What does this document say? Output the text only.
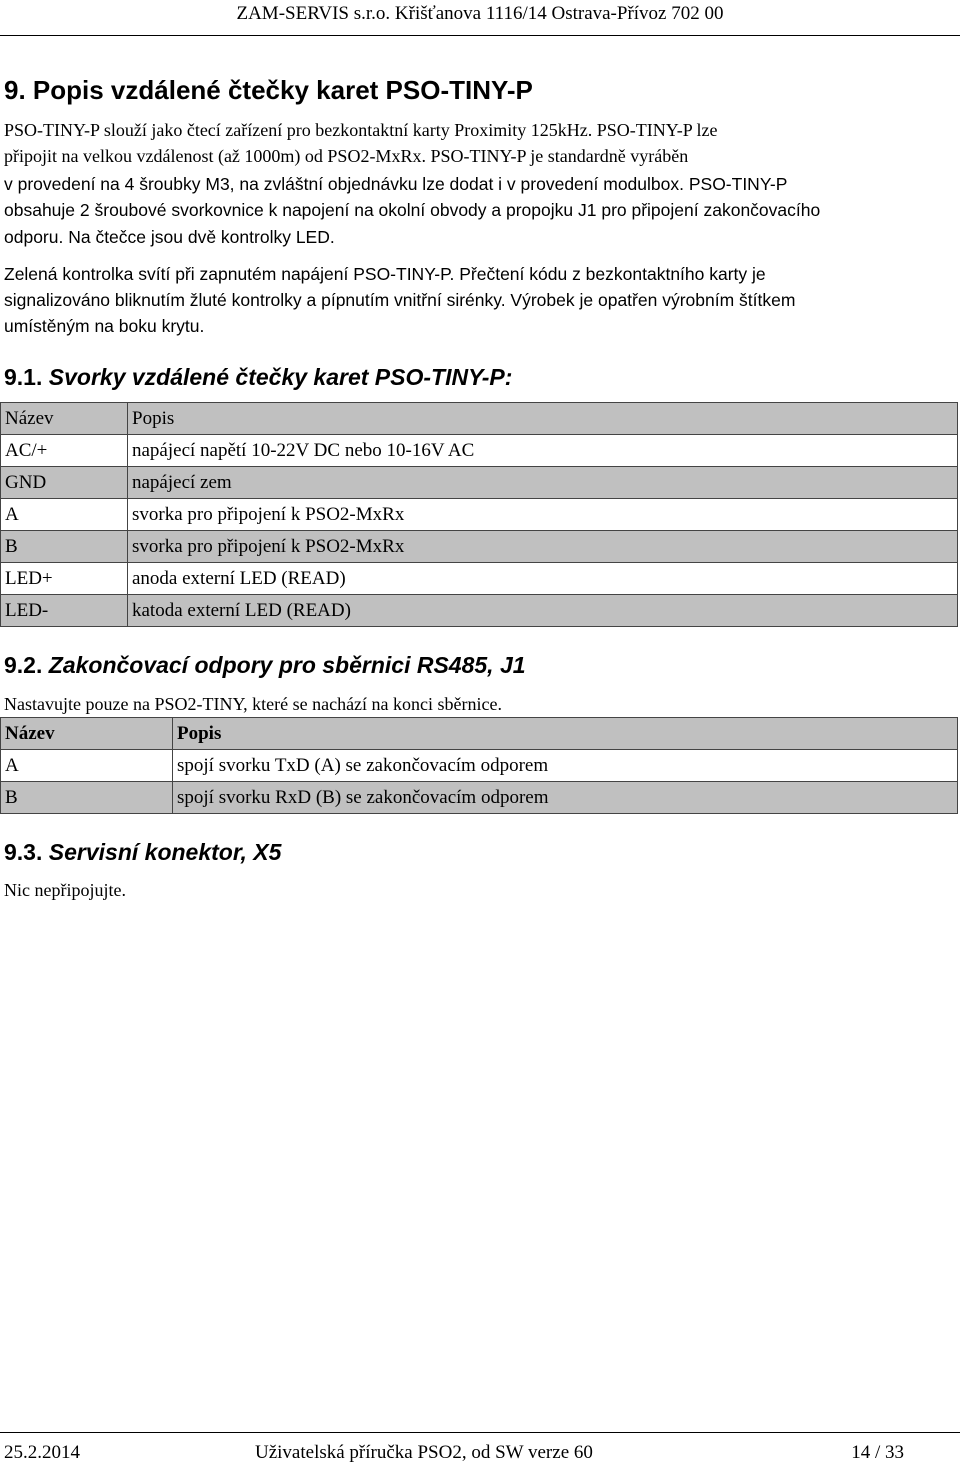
ZAM-SERVIS s.r.o. Křišťanova 1116/14 Ostrava-Přívoz 702 00
9. Popis vzdálené čtečky karet PSO-TINY-P

PSO-TINY-P slouží jako čtecí zařízení pro bezkontaktní karty Proximity 125kHz. PSO-TINY-P lze

připojit na velkou vzdálenost (až 1000m) od PSO2-MxRx. PSO-TINY-P je standardně vyráběn

v provedení na 4 šroubky M3, na zvláštní objednávku lze dodat i v provedení modulbox. PSO-TINY-P

obsahuje 2 šroubové svorkovnice k napojení na okolní obvody a propojku J1 pro připojení zakončovacího

odporu. Na čtečce jsou dvě kontrolky LED.

Zelená kontrolka svítí při zapnutém napájení PSO-TINY-P. Přečtení kódu z bezkontaktního karty je

signalizováno bliknutím žluté kontrolky a pípnutím vnitřní sirénky. Výrobek je opatřen výrobním štítkem

umístěným na boku krytu.

9.1. Svorky vzdálené čtečky karet PSO-TINY-P:
Název	Popis
AC/+	napájecí napětí 10-22V DC nebo 10-16V AC
GND	napájecí zem
A	svorka pro připojení k PSO2-MxRx
B	svorka pro připojení k PSO2-MxRx
LED+	anoda externí LED (READ)
LED-	katoda externí LED (READ)
9.2. Zakončovací odpory pro sběrnici RS485, J1

Nastavujte pouze na PSO2-TINY, které se nachází na konci sběrnice.

Název	Popis
A	spojí svorku TxD (A) se zakončovacím odporem
B	spojí svorku RxD (B) se zakončovacím odporem
9.3. Servisní konektor, X5

Nic nepřipojujte.

25.2.2014	Uživatelská příručka PSO2, od SW verze 60	14 / 33
